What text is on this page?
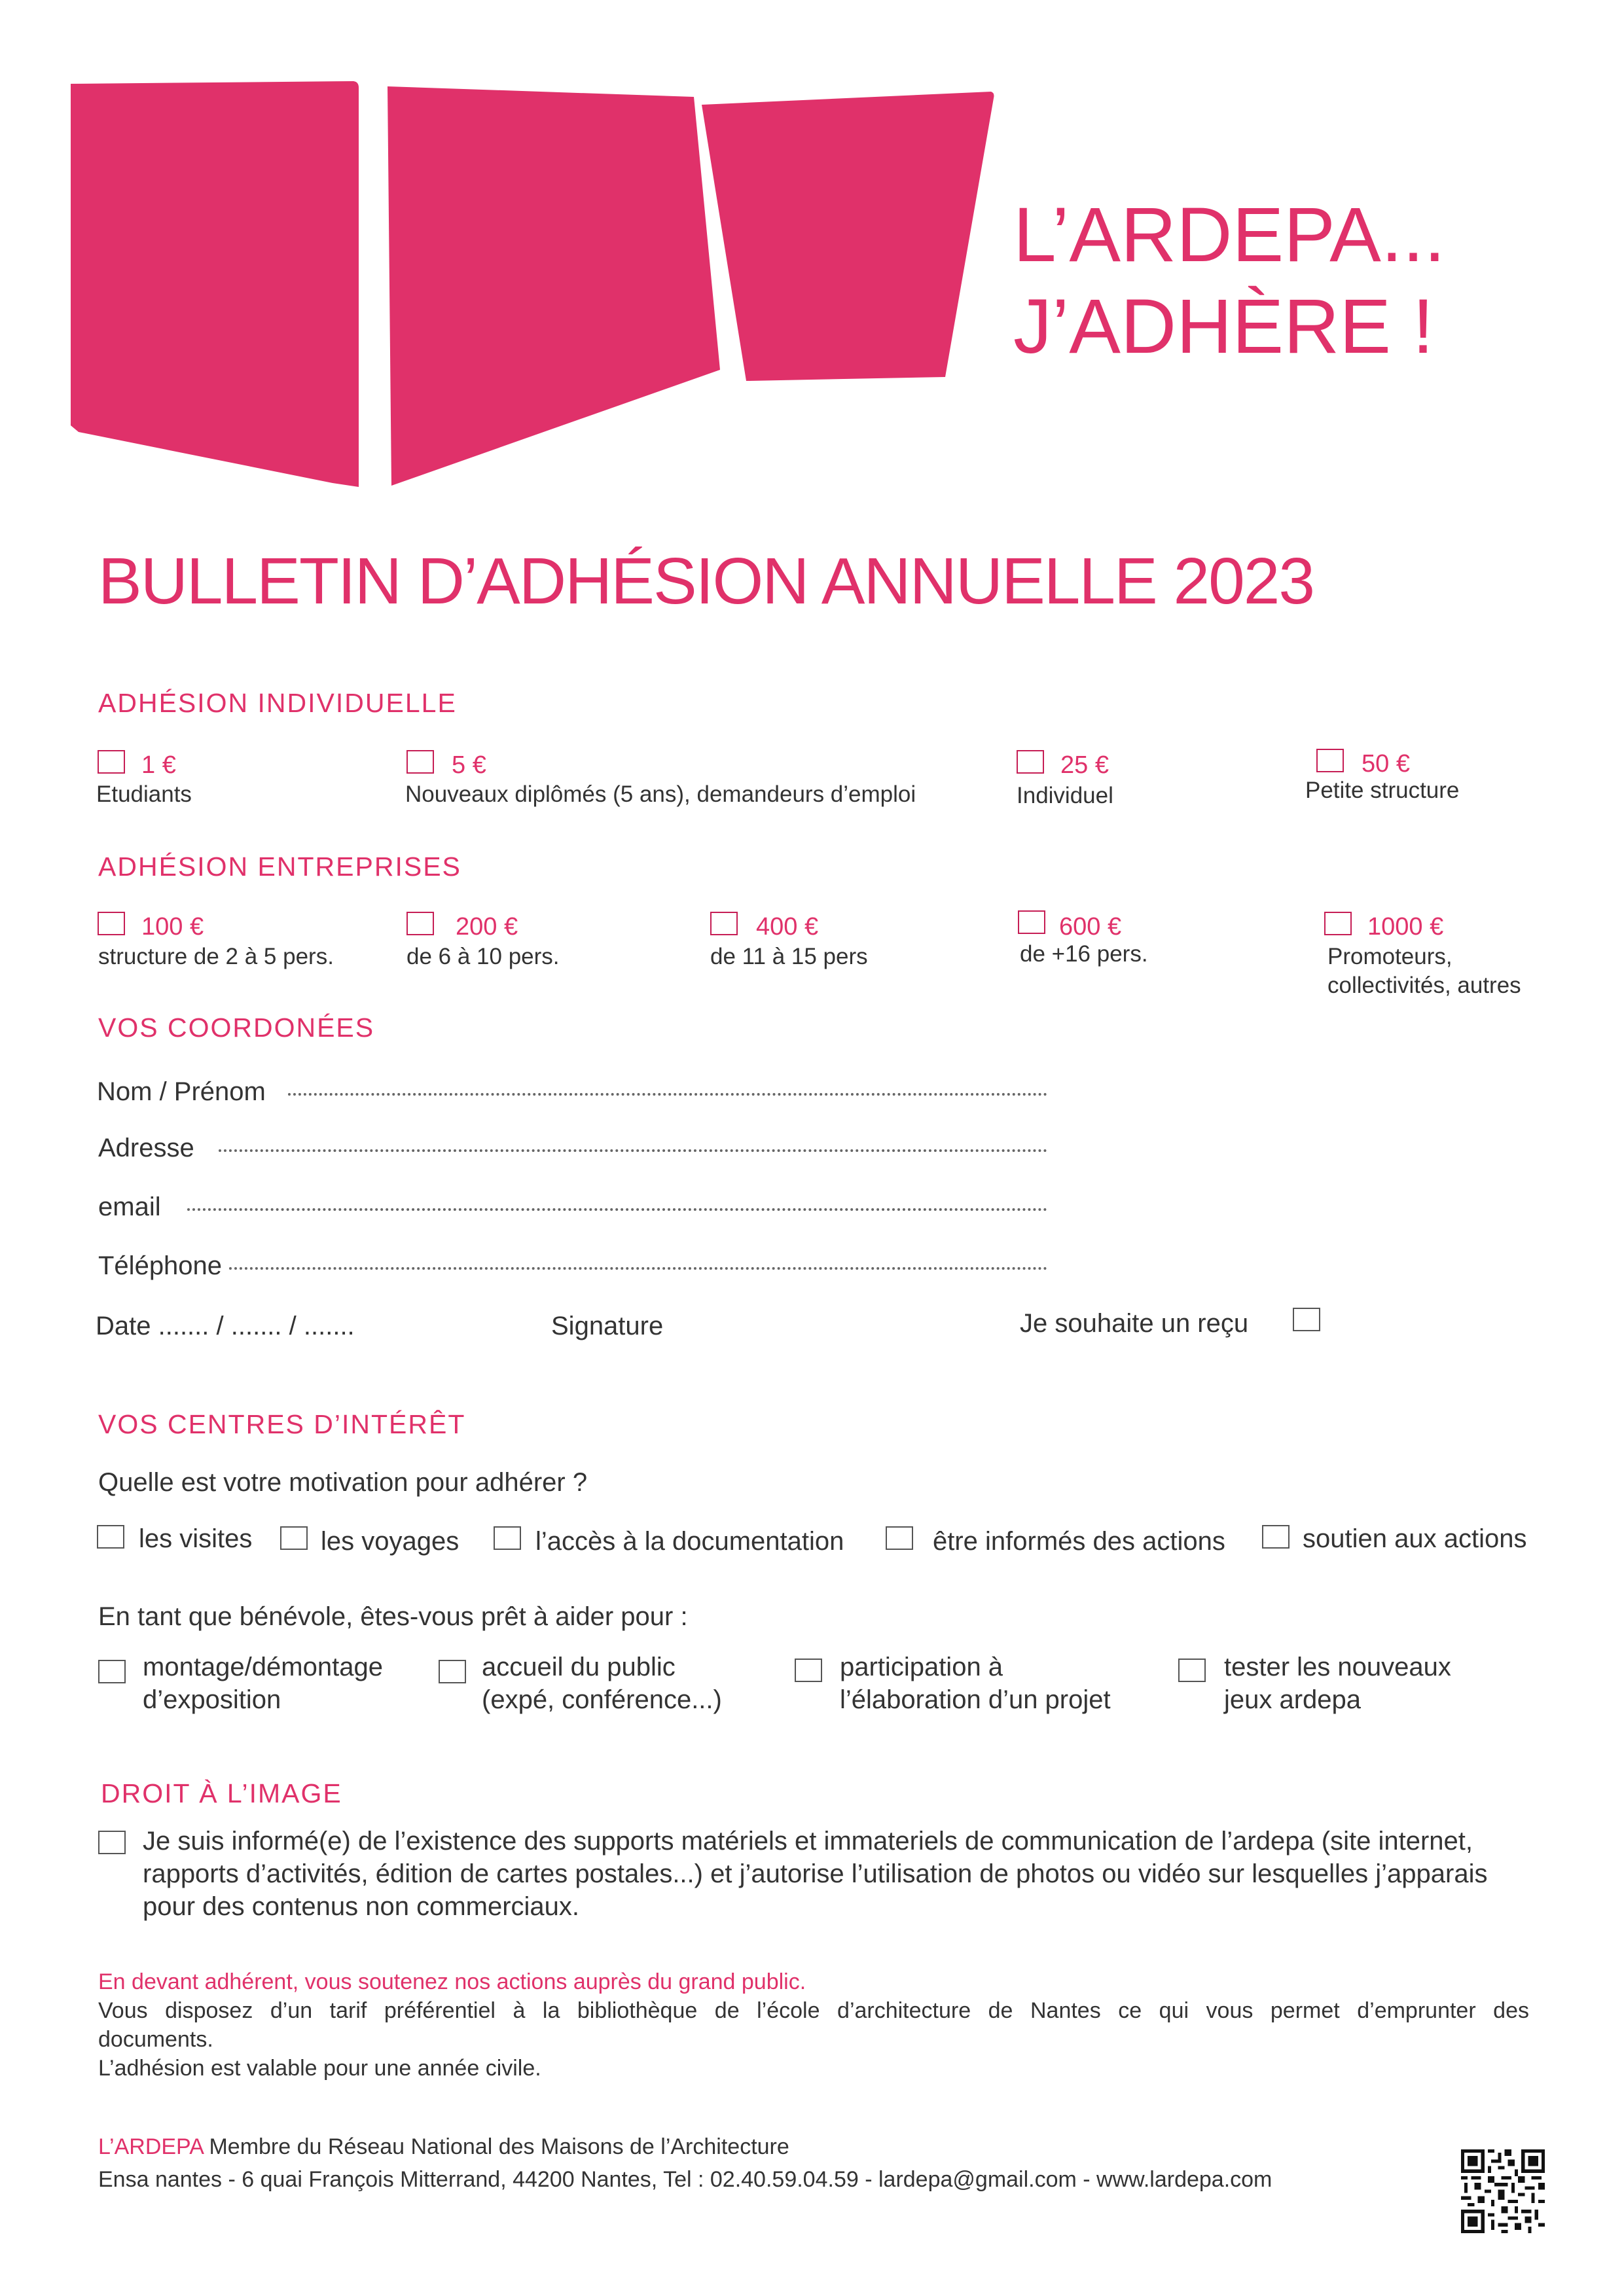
L’ARDEPA...
J’ADHÈRE !
BULLETIN D’ADHÉSION ANNUELLE 2023
ADHÉSION INDIVIDUELLE
1 €
Etudiants
5 €
Nouveaux diplômés (5 ans), demandeurs d’emploi
25 €
Individuel
50 €
Petite structure
ADHÉSION ENTREPRISES
100 €
structure de 2 à 5 pers.
200 €
de 6 à 10 pers.
400 €
de 11 à 15 pers
600 €
de +16 pers.
1000 €
Promoteurs,
collectivités, autres
VOS COORDONÉES
Nom / Prénom
Adresse
email
Téléphone
Date ....... / ....... / .......	Signature	Je souhaite un reçu
VOS CENTRES D’INTÉRÊT
Quelle est votre motivation pour adhérer ?
les visites	les voyages	l’accès à la documentation	être informés des actions	soutien aux actions
En tant que bénévole, êtes-vous prêt à aider pour :
montage/démontage
d’exposition
accueil du public
(expé, conférence...)
participation à
l’élaboration d’un projet
tester les nouveaux
jeux ardepa
DROIT À L’IMAGE
Je suis informé(e) de l’existence des supports matériels et immateriels de communication de l’ardepa (site internet,
rapports d’activités, édition de cartes postales...) et j’autorise l’utilisation de photos ou vidéo sur lesquelles j’apparais
pour des contenus non commerciaux.
En devant adhérent, vous soutenez nos actions auprès du grand public.
Vous disposez d’un tarif préférentiel à la bibliothèque de l’école d’architecture de Nantes ce qui vous permet d’emprunter des
documents.
L’adhésion est valable pour une année civile.
L’ARDEPA Membre du Réseau National des Maisons de l’Architecture
Ensa nantes - 6 quai François Mitterrand, 44200 Nantes, Tel : 02.40.59.04.59 - lardepa@gmail.com - www.lardepa.com
